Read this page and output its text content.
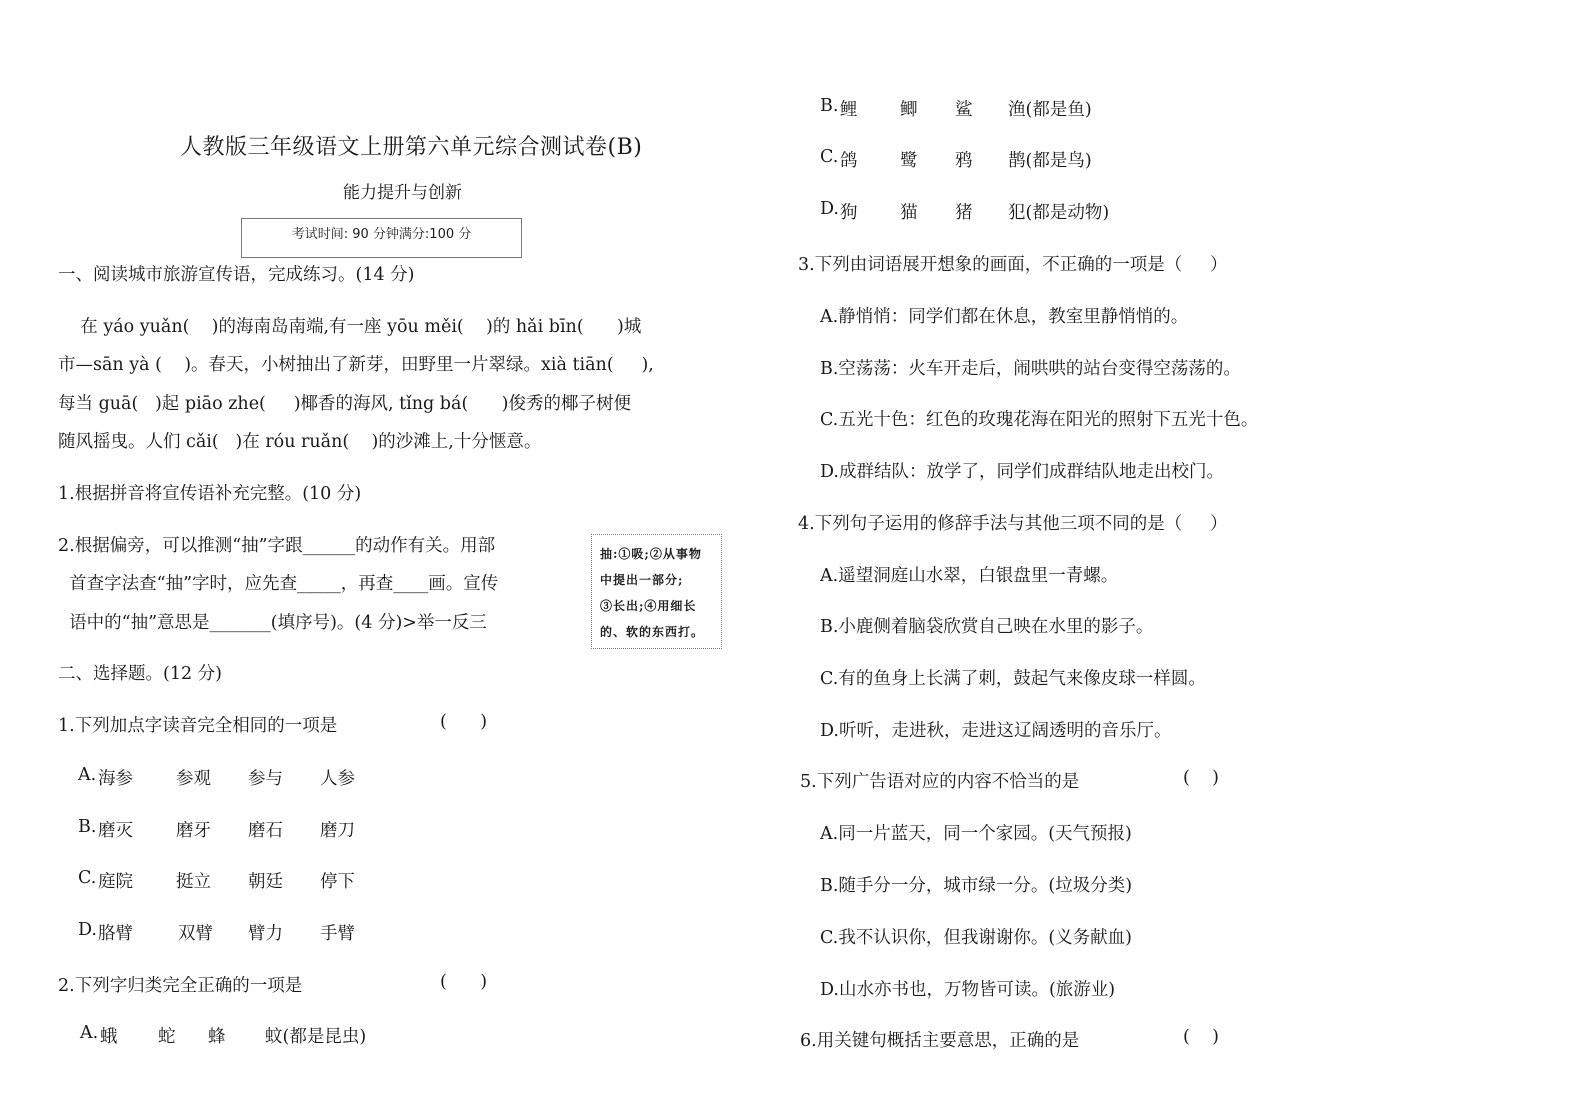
人教版三年级语文上册第六单元综合测试卷(B)
能力提升与创新
考试时间: 90 分钟满分:100 分
一、阅读城市旅游宣传语，完成练习。(14 分)
在 yáo yuǎn(    )的海南岛南端,有一座 yōu měi(    )的 hǎi bīn(      )城
市—sān yà (    )。春天，小树抽出了新芽，田野里一片翠绿。xià tiān(     ),
每当 guā(   )起 piāo zhe(     )椰香的海风, tǐng bá(      )俊秀的椰子树便
随风摇曳。人们 cǎi(   )在 róu ruǎn(    )的沙滩上,十分惬意。
1.根据拼音将宣传语补充完整。(10 分)
2.根据偏旁，可以推测“抽”字跟______的动作有关。用部
首查字法查“抽”字时，应先查_____，再查____画。宣传
语中的“抽”意思是_______(填序号)。(4 分)>举一反三
抽:①吸;②从事物
中提出一部分;
③长出;④用细长
的、软的东西打。
二、选择题。(12 分)
1.下列加点字读音完全相同的一项是	(      )
A. 海参 参观 参与 人参
B. 磨灭 磨牙 磨石 磨刀
C. 庭院 挺立 朝廷 停下
D. 胳臂	双臂 臂力 手臂
2.下列字归类完全正确的一项是	(      )
A. 蛾 蛇 蜂 蚊(都是昆虫)
B. 鲤 鲫 鲨 渔(都是鱼)
C. 鸽 鹭 鸦 鹊(都是鸟)
D. 狗 猫 猪 犯(都是动物)
3.下列由词语展开想象的画面，不正确的一项是（     ）
A.静悄悄：同学们都在休息，教室里静悄悄的。
B.空荡荡：火车开走后，闹哄哄的站台变得空荡荡的。
C.五光十色：红色的玫瑰花海在阳光的照射下五光十色。
D.成群结队：放学了，同学们成群结队地走出校门。
4.下列句子运用的修辞手法与其他三项不同的是（     ）
A.遥望洞庭山水翠，白银盘里一青螺。
B.小鹿侧着脑袋欣赏自己映在水里的影子。
C.有的鱼身上长满了刺，鼓起气来像皮球一样圆。
D.听听，走进秋，走进这辽阔透明的音乐厅。
5.下列广告语对应的内容不恰当的是	(    )
A.同一片蓝天，同一个家园。(天气预报)
B.随手分一分，城市绿一分。(垃圾分类)
C.我不认识你，但我谢谢你。(义务献血)
D.山水亦书也，万物皆可读。(旅游业)
6.用关键句概括主要意思，正确的是	(    )
